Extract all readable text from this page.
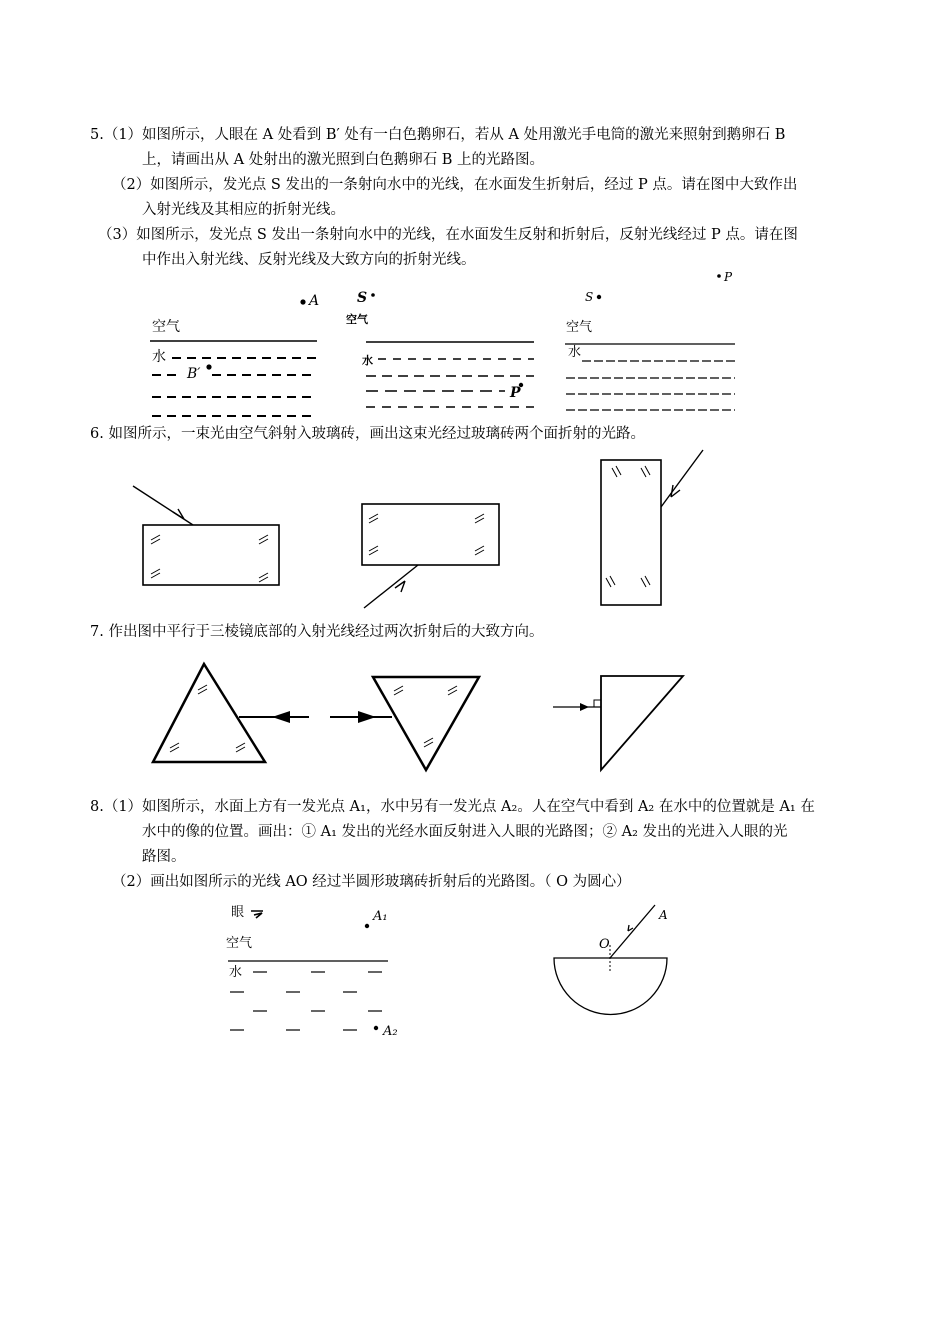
5.（1）如图所示，人眼在 A 处看到 B′ 处有一白色鹅卵石，若从 A 处用激光手电筒的激光来照射到鹅卵石 B
上，请画出从 A 处射出的激光照到白色鹅卵石 B 上的光路图。
（2）如图所示，发光点 S 发出的一条射向水中的光线，在水面发生折射后，经过 P 点。请在图中大致作出
入射光线及其相应的折射光线。
（3）如图所示，发光点 S 发出一条射向水中的光线，在水面发生反射和折射后，反射光线经过 P 点。请在图
中作出入射光线、反射光线及大致方向的折射光线。
A
空气
水
B′
S
空气
水
P
P
S
空气
水
6. 如图所示，一束光由空气斜射入玻璃砖，画出这束光经过玻璃砖两个面折射的光路。
7. 作出图中平行于三棱镜底部的入射光线经过两次折射后的大致方向。
8.（1）如图所示，水面上方有一发光点 A₁，水中另有一发光点 A₂。人在空气中看到 A₂ 在水中的位置就是 A₁ 在
水中的像的位置。画出：① A₁ 发出的光经水面反射进入人眼的光路图；② A₂ 发出的光进入人眼的光
路图。
（2）画出如图所示的光线 AO 经过半圆形玻璃砖折射后的光路图。（ O 为圆心）
眼	A₁
空气
水
A₂
O
A
